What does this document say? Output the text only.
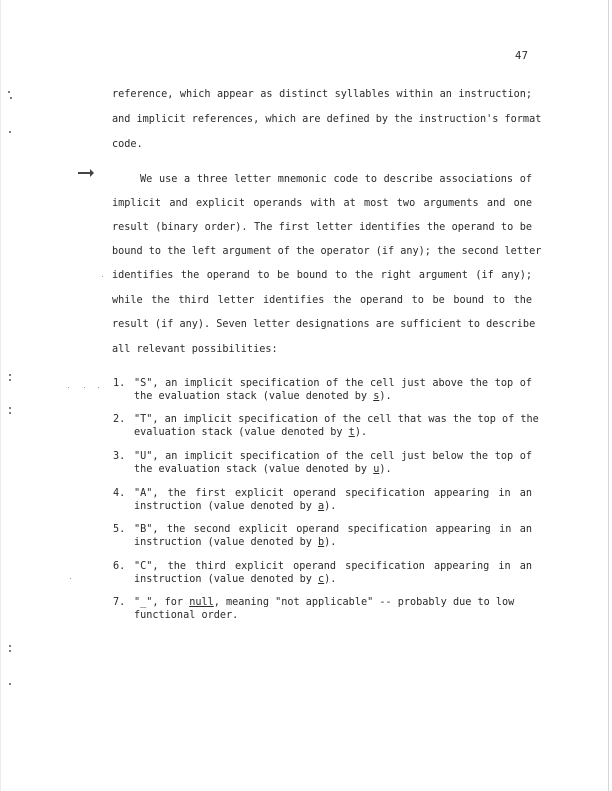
47
reference, which appear as distinct syllables within an instruction;
and implicit references, which are defined by the instruction's format
code.
We use a three letter mnemonic code to describe associations of
implicit and explicit operands with at most two arguments and one
result (binary order). The first letter identifies the operand to be
bound to the left argument of the operator (if any); the second letter
identifies the operand to be bound to the right argument (if any);
while the third letter identifies the operand to be bound to the
result (if any). Seven letter designations are sufficient to describe
all relevant possibilities:
1. "S", an implicit specification of the cell just above the top of
the evaluation stack (value denoted by s).
2. "T", an implicit specification of the cell that was the top of the
evaluation stack (value denoted by t).
3. "U", an implicit specification of the cell just below the top of
the evaluation stack (value denoted by u).
4. "A", the first explicit operand specification appearing in an
instruction (value denoted by a).
5. "B", the second explicit operand specification appearing in an
instruction (value denoted by b).
6. "C", the third explicit operand specification appearing in an
instruction (value denoted by c).
7. "_", for null, meaning "not applicable" -- probably due to low
functional order.
